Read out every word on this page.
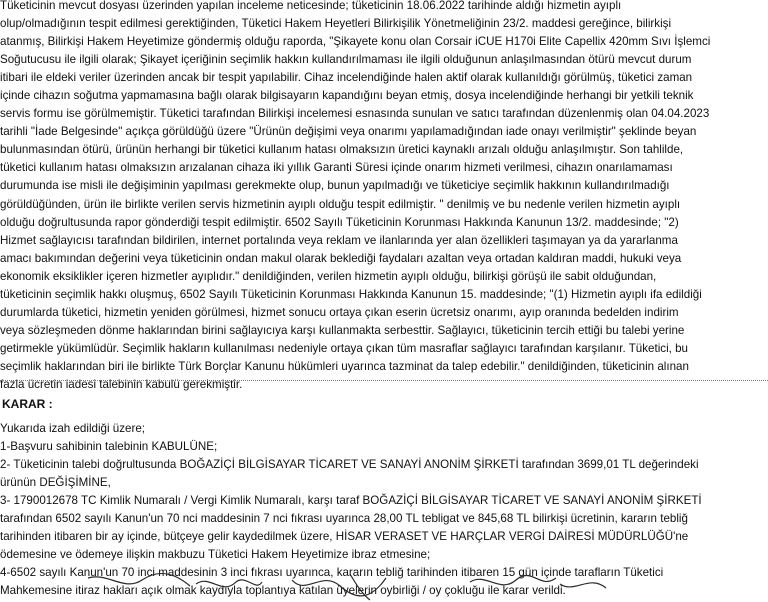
Tüketicinin mevcut dosyası üzerinden yapılan inceleme neticesinde; tüketicinin 18.06.2022 tarihinde aldığı hizmetin ayıplı
olup/olmadığının tespit edilmesi gerektiğinden, Tüketici Hakem Heyetleri Bilirkişilik Yönetmeliğinin 23/2. maddesi gereğince, bilirkişi
atanmış, Bilirkişi Hakem Heyetimize göndermiş olduğu raporda, "Şikayete konu olan Corsair iCUE H170i Elite Capellix 420mm Sıvı İşlemci
Soğutucusu ile ilgili olarak; Şikayet içeriğinin seçimlik hakkın kullandırılmaması ile ilgili olduğunun anlaşılmasından ötürü mevcut durum
itibari ile eldeki veriler üzerinden ancak bir tespit yapılabilir. Cihaz incelendiğinde halen aktif olarak kullanıldığı görülmüş, tüketici zaman
içinde cihazın soğutma yapmamasına bağlı olarak bilgisayarın kapandığını beyan etmiş, dosya incelendiğinde herhangi bir yetkili teknik
servis formu ise görülmemiştir. Tüketici tarafından Bilirkişi incelemesi esnasında sunulan ve satıcı tarafından düzenlenmiş olan 04.04.2023
tarihli "İade Belgesinde" açıkça görüldüğü üzere "Ürünün değişimi veya onarımı yapılamadığından iade onayı verilmiştir" şeklinde beyan
bulunmasından ötürü, ürünün herhangi bir tüketici kullanım hatası olmaksızın üretici kaynaklı arızalı olduğu anlaşılmıştır. Son tahlilde,
tüketici kullanım hatası olmaksızın arızalanan cihaza iki yıllık Garanti Süresi içinde onarım hizmeti verilmesi, cihazın onarılamaması
durumunda ise misli ile değişiminin yapılması gerekmekte olup, bunun yapılmadığı ve tüketiciye seçimlik hakkının kullandırılmadığı
görüldüğünden, ürün ile birlikte verilen servis hizmetinin ayıplı olduğu tespit edilmiştir. " denilmiş ve bu nedenle verilen hizmetin ayıplı
olduğu doğrultusunda rapor gönderdiği tespit edilmiştir. 6502 Sayılı Tüketicinin Korunması Hakkında Kanunun 13/2. maddesinde; "2)
Hizmet sağlayıcısı tarafından bildirilen, internet portalında veya reklam ve ilanlarında yer alan özellikleri taşımayan ya da yararlanma
amacı bakımından değerini veya tüketicinin ondan makul olarak beklediği faydaları azaltan veya ortadan kaldıran maddi, hukuki veya
ekonomik eksiklikler içeren hizmetler ayıplıdır." denildiğinden, verilen hizmetin ayıplı olduğu, bilirkişi görüşü ile sabit olduğundan,
tüketicinin seçimlik hakkı oluşmuş, 6502 Sayılı Tüketicinin Korunması Hakkında Kanunun 15. maddesinde; "(1) Hizmetin ayıplı ifa edildiği
durumlarda tüketici, hizmetin yeniden görülmesi, hizmet sonucu ortaya çıkan eserin ücretsiz onarımı, ayıp oranında bedelden indirim
veya sözleşmeden dönme haklarından birini sağlayıcıya karşı kullanmakta serbesttir. Sağlayıcı, tüketicinin tercih ettiği bu talebi yerine
getirmekle yükümlüdür. Seçimlik hakların kullanılması nedeniyle ortaya çıkan tüm masraflar sağlayıcı tarafından karşılanır. Tüketici, bu
seçimlik haklarından biri ile birlikte Türk Borçlar Kanunu hükümleri uyarınca tazminat da talep edebilir." denildiğinden, tüketicinin alınan
fazla ücretin iadesi talebinin kabulü gerekmiştir.
KARAR :
Yukarıda izah edildiği üzere;
1-Başvuru sahibinin talebinin KABULÜNE;
2- Tüketicinin talebi doğrultusunda BOĞAZİÇİ BİLGİSAYAR TİCARET VE SANAYİ ANONİM ŞİRKETİ tarafından 3699,01 TL değerindeki
ürünün DEĞİŞİMİNE,
3- 1790012678 TC Kimlik Numaralı / Vergi Kimlik Numaralı, karşı taraf BOĞAZİÇİ BİLGİSAYAR TİCARET VE SANAYİ ANONİM ŞİRKETİ
tarafından 6502 sayılı Kanun'un 70 nci maddesinin 7 nci fıkrası uyarınca 28,00 TL tebligat ve 845,68 TL bilirkişi ücretinin, kararın tebliğ
tarihinden itibaren bir ay içinde, bütçeye gelir kaydedilmek üzere, HİSAR VERASET VE HARÇLAR VERGİ DAİRESİ MÜDÜRLÜĞÜ'ne
ödemesine ve ödemeye ilişkin makbuzu Tüketici Hakem Heyetimize ibraz etmesine;
4-6502 sayılı Kanun'un 70 inci maddesinin 3 inci fıkrası uyarınca, kararın tebliğ tarihinden itibaren 15 gün içinde tarafların Tüketici
Mahkemesine itiraz hakları açık olmak kaydıyla toplantıya katılan üyelerin oybirliği / oy çokluğu ile karar verildi.
